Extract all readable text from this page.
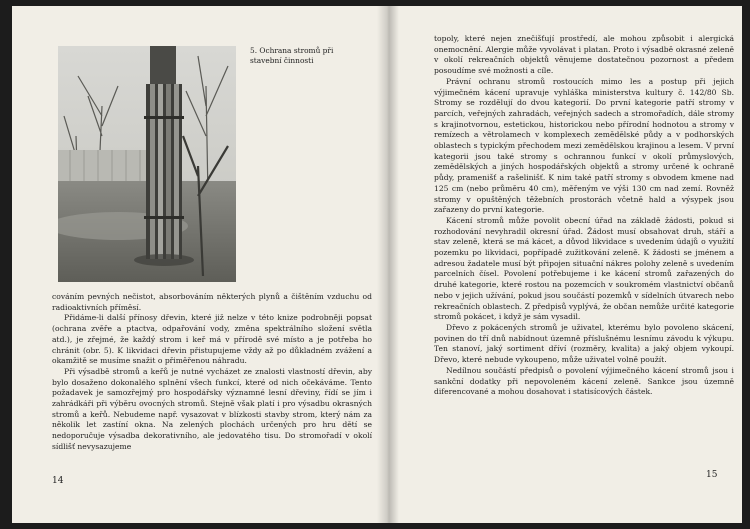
5. Ochrana stromů při stavební činnosti

cováním pevných nečistot, absorbováním některých plynů a čištěním vzduchu od radioaktivních příměsí.

Přidáme-li další přínosy dřevin, které již nelze v této knize podrobněji popsat (ochrana zvěře a ptactva, odpařování vody, změna spektrálního složení světla atd.), je zřejmé, že každý strom i keř má v přírodě své místo a je potřeba ho chránit (obr. 5). K likvidaci dřevin přistupujeme vždy až po důkladném zvážení a okamžitě se musíme snažit o přiměřenou náhradu.

Při výsadbě stromů a keřů je nutné vycházet ze znalosti vlastností dřevin, aby bylo dosaženo dokonalého splnění všech funkcí, které od nich očekáváme. Tento požadavek je samozřejmý pro hospodářsky významné lesní dřeviny, řídí se jím i zahrádkáři při výběru ovocných stromů. Stejně však platí i pro výsadbu okrasných stromů a keřů. Nebudeme např. vysazovat v blízkosti stavby strom, který nám za několik let zastíní okna. Na zelených plochách určených pro hru dětí se nedoporučuje výsadba dekorativního, ale jedovatého tisu. Do stromořadí v okolí sídlišť nevysazujeme

14

topoly, které nejen znečišťují prostředí, ale mohou způsobit i alergická onemocnění. Alergie může vyvolávat i platan. Proto i výsadbě okrasné zeleně v okolí rekreačních objektů věnujeme dostatečnou pozornost a předem posoudíme své možnosti a cíle.

Právní ochranu stromů rostoucích mimo les a postup při jejich výjimečném kácení upravuje vyhláška ministerstva kultury č. 142/80 Sb. Stromy se rozdělují do dvou kategorií. Do první kategorie patří stromy v parcích, veřejných zahradách, veřejných sadech a stromořadích, dále stromy s krajinotvornou, estetickou, historickou nebo přírodní hodnotou a stromy v remízech a větrolamech v komplexech zemědělské půdy a v podhorských oblastech s typickým přechodem mezi zemědělskou krajinou a lesem. V první kategorii jsou také stromy s ochrannou funkcí v okolí průmyslových, zemědělských a jiných hospodářských objektů a stromy určené k ochraně půdy, pramenišť a rašelinišť. K nim také patří stromy s obvodem kmene nad 125 cm (nebo průměru 40 cm), měřeným ve výši 130 cm nad zemí. Rovněž stromy v opuštěných těžebních prostorách včetně hald a výsypek jsou zařazeny do první kategorie.

Kácení stromů může povolit obecní úřad na základě žádosti, pokud si rozhodování nevyhradil okresní úřad. Žádost musí obsahovat druh, stáří a stav zeleně, která se má kácet, a důvod likvidace s uvedením údajů o využití pozemku po likvidaci, popřípadě zužitkování zeleně. K žádosti se jménem a adresou žadatele musí být připojen situační nákres polohy zeleně s uvedením parcelních čísel. Povolení potřebujeme i ke kácení stromů zařazených do druhé kategorie, které rostou na pozemcích v soukromém vlastnictví občanů nebo v jejich užívání, pokud jsou součástí pozemků v sídelních útvarech nebo rekreačních oblastech. Z předpisů vyplývá, že občan nemůže určité kategorie stromů pokácet, i když je sám vysadil.

Dřevo z pokácených stromů je uživatel, kterému bylo povoleno skácení, povinen do tří dnů nabídnout územně příslušnému lesnímu závodu k výkupu. Ten stanoví, jaký sortiment dříví (rozměry, kvalita) a jaký objem vykoupí. Dřevo, které nebude vykoupeno, může uživatel volně použít.

Nedílnou součástí předpisů o povolení výjimečného kácení stromů jsou i sankční dodatky při nepovoleném kácení zeleně. Sankce jsou územně diferencované a mohou dosahovat i statisícových částek.

15
